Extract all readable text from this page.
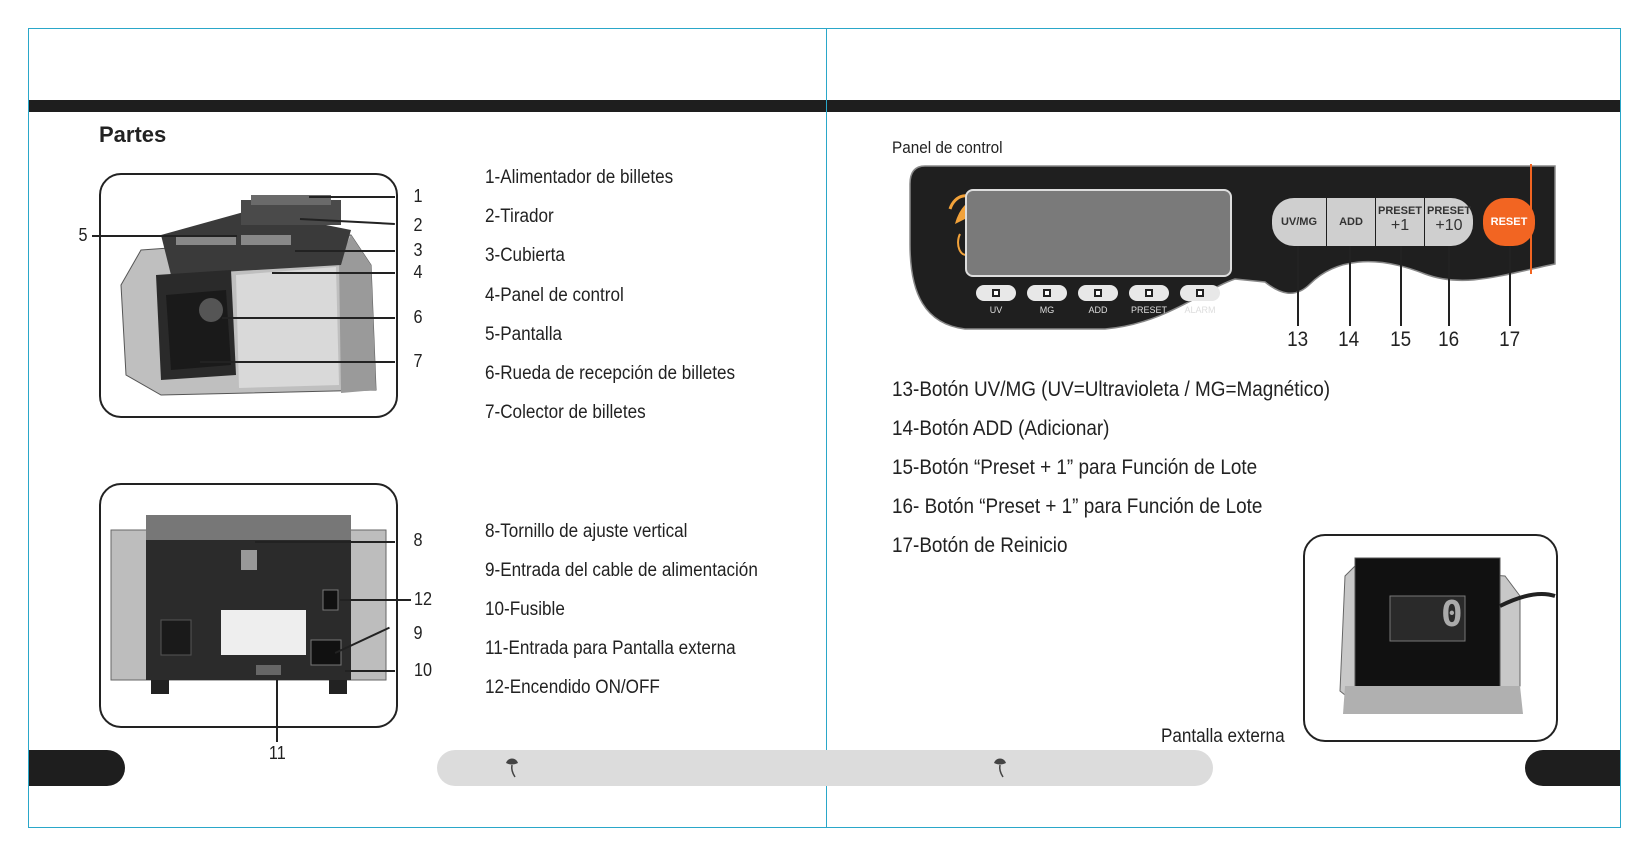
Partes
1
2
3
4
5
6
7
1-Alimentador de billetes
2-Tirador
3-Cubierta
4-Panel de control
5-Pantalla
6-Rueda de recepción de billetes
7-Colector de billetes
8
12
9
10
11
8-Tornillo de ajuste vertical
9-Entrada del cable de alimentación
10-Fusible
11-Entrada para Pantalla externa
12-Encendido ON/OFF
Panel de control
UV	MG	ADD	PRESET	ALARM
UV/MG	ADD
PRESET
+1
PRESET
+10	RESET
13 14 15 16 17
13-Botón UV/MG (UV=Ultravioleta / MG=Magnético)
14-Botón ADD (Adicionar)
15-Botón “Preset + 1” para Función de Lote
16- Botón “Preset + 1” para Función de Lote
17-Botón de Reinicio
0
Pantalla externa
